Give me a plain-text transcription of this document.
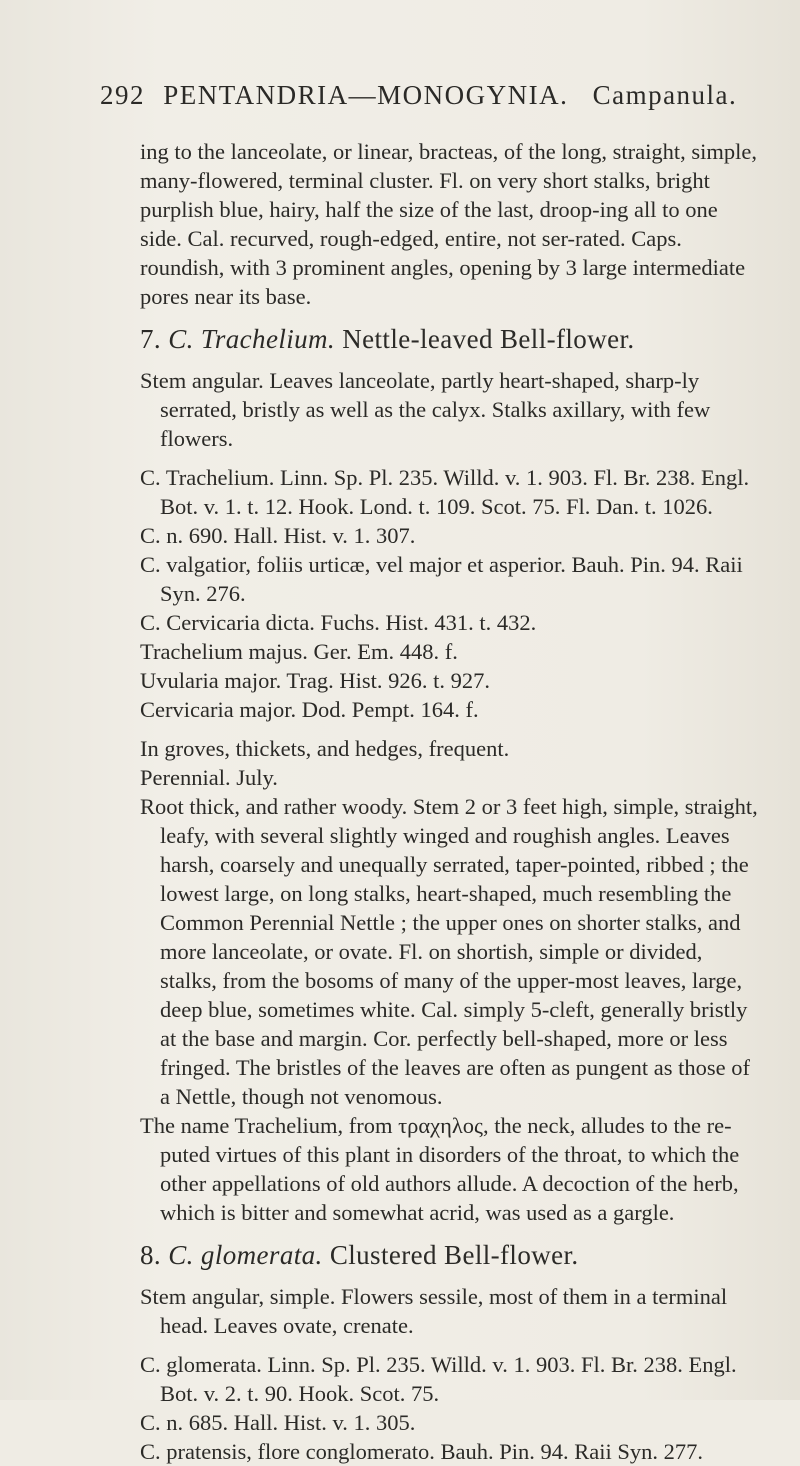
292 PENTANDRIA—MONOGYNIA. Campanula.

ing to the lanceolate, or linear, bracteas, of the long, straight, simple, many-flowered, terminal cluster. Fl. on very short stalks, bright purplish blue, hairy, half the size of the last, droop-ing all to one side. Cal. recurved, rough-edged, entire, not ser-rated. Caps. roundish, with 3 prominent angles, opening by 3 large intermediate pores near its base.

7. C. Trachelium. Nettle-leaved Bell-flower.

Stem angular. Leaves lanceolate, partly heart-shaped, sharp-ly serrated, bristly as well as the calyx. Stalks axillary, with few flowers.

C. Trachelium. Linn. Sp. Pl. 235. Willd. v. 1. 903. Fl. Br. 238. Engl. Bot. v. 1. t. 12. Hook. Lond. t. 109. Scot. 75. Fl. Dan. t. 1026.

C. n. 690. Hall. Hist. v. 1. 307.

C. valgatior, foliis urticæ, vel major et asperior. Bauh. Pin. 94. Raii Syn. 276.

C. Cervicaria dicta. Fuchs. Hist. 431. t. 432.

Trachelium majus. Ger. Em. 448. f.

Uvularia major. Trag. Hist. 926. t. 927.

Cervicaria major. Dod. Pempt. 164. f.

In groves, thickets, and hedges, frequent.

Perennial. July.

Root thick, and rather woody. Stem 2 or 3 feet high, simple, straight, leafy, with several slightly winged and roughish angles. Leaves harsh, coarsely and unequally serrated, taper-pointed, ribbed ; the lowest large, on long stalks, heart-shaped, much resembling the Common Perennial Nettle ; the upper ones on shorter stalks, and more lanceolate, or ovate. Fl. on shortish, simple or divided, stalks, from the bosoms of many of the upper-most leaves, large, deep blue, sometimes white. Cal. simply 5-cleft, generally bristly at the base and margin. Cor. perfectly bell-shaped, more or less fringed. The bristles of the leaves are often as pungent as those of a Nettle, though not venomous.

The name Trachelium, from τραχηλος, the neck, alludes to the re-puted virtues of this plant in disorders of the throat, to which the other appellations of old authors allude. A decoction of the herb, which is bitter and somewhat acrid, was used as a gargle.

8. C. glomerata. Clustered Bell-flower.

Stem angular, simple. Flowers sessile, most of them in a terminal head. Leaves ovate, crenate.

C. glomerata. Linn. Sp. Pl. 235. Willd. v. 1. 903. Fl. Br. 238. Engl. Bot. v. 2. t. 90. Hook. Scot. 75.

C. n. 685. Hall. Hist. v. 1. 305.

C. pratensis, flore conglomerato. Bauh. Pin. 94. Raii Syn. 277.
